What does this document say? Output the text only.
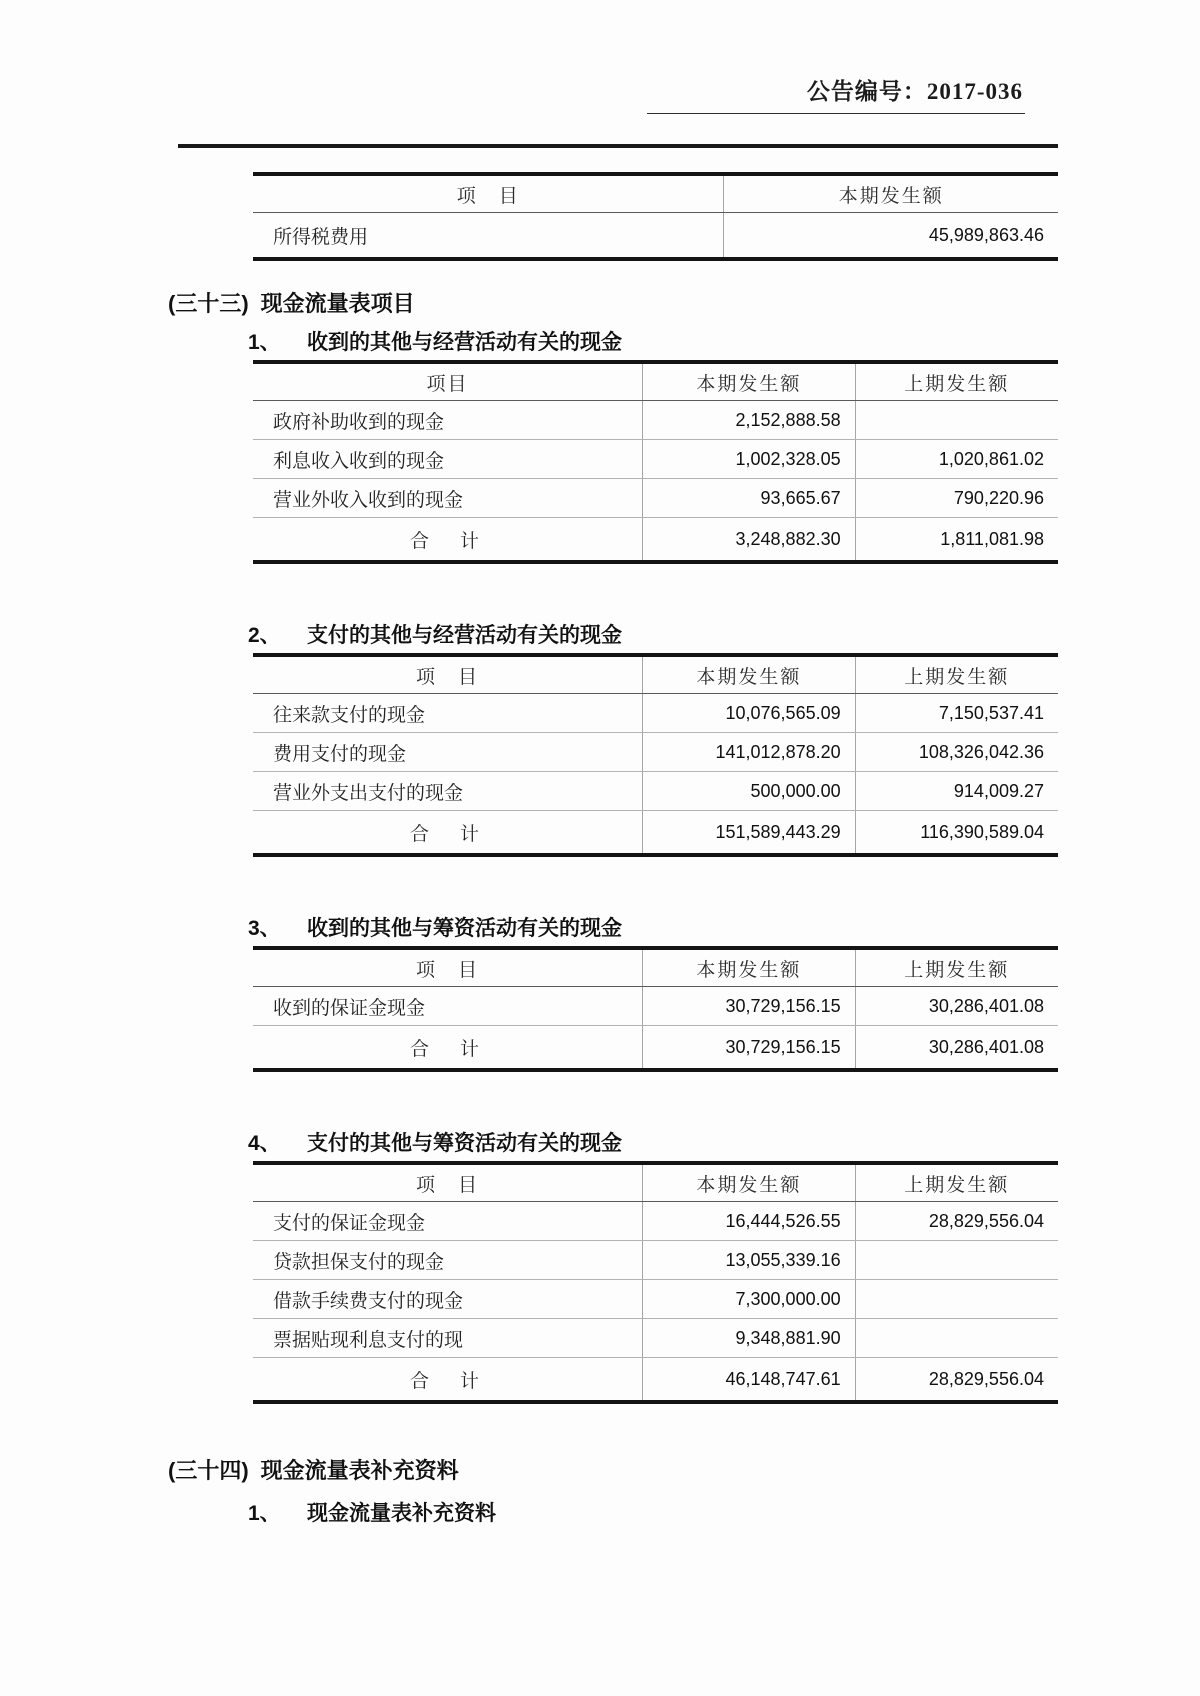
公告编号：2017-036
项　目	本期发生额
所得税费用	45,989,863.46
(三十三) 现金流量表项目
1、	收到的其他与经营活动有关的现金
项目	本期发生额	上期发生额
政府补助收到的现金	2,152,888.58	
利息收入收到的现金	1,002,328.05	1,020,861.02
营业外收入收到的现金	93,665.67	790,220.96
合　计	3,248,882.30	1,811,081.98
2、	支付的其他与经营活动有关的现金
项　目	本期发生额	上期发生额
往来款支付的现金	10,076,565.09	7,150,537.41
费用支付的现金	141,012,878.20	108,326,042.36
营业外支出支付的现金	500,000.00	914,009.27
合　计	151,589,443.29	116,390,589.04
3、	收到的其他与筹资活动有关的现金
项　目	本期发生额	上期发生额
收到的保证金现金	30,729,156.15	30,286,401.08
合　计	30,729,156.15	30,286,401.08
4、	支付的其他与筹资活动有关的现金
项　目	本期发生额	上期发生额
支付的保证金现金	16,444,526.55	28,829,556.04
贷款担保支付的现金	13,055,339.16	
借款手续费支付的现金	7,300,000.00	
票据贴现利息支付的现	9,348,881.90	
合　计	46,148,747.61	28,829,556.04
(三十四) 现金流量表补充资料
1、	现金流量表补充资料
